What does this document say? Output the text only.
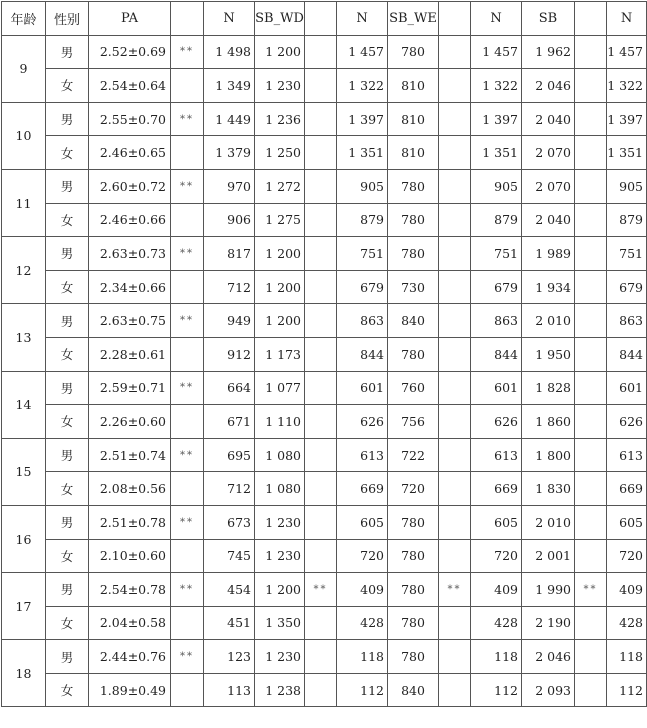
年龄	性别	PA		N	SB_WD		N	SB_WE		N	SB		N
9	男	2.52±0.69	**	1 498	1 200		1 457	780		1 457	1 962		1 457
	女	2.54±0.64		1 349	1 230		1 322	810		1 322	2 046		1 322
10	男	2.55±0.70	**	1 449	1 236		1 397	810		1 397	2 040		1 397
	女	2.46±0.65		1 379	1 250		1 351	810		1 351	2 070		1 351
11	男	2.60±0.72	**	970	1 272		905	780		905	2 070		905
	女	2.46±0.66		906	1 275		879	780		879	2 040		879
12	男	2.63±0.73	**	817	1 200		751	780		751	1 989		751
	女	2.34±0.66		712	1 200		679	730		679	1 934		679
13	男	2.63±0.75	**	949	1 200		863	840		863	2 010		863
	女	2.28±0.61		912	1 173		844	780		844	1 950		844
14	男	2.59±0.71	**	664	1 077		601	760		601	1 828		601
	女	2.26±0.60		671	1 110		626	756		626	1 860		626
15	男	2.51±0.74	**	695	1 080		613	722		613	1 800		613
	女	2.08±0.56		712	1 080		669	720		669	1 830		669
16	男	2.51±0.78	**	673	1 230		605	780		605	2 010		605
	女	2.10±0.60		745	1 230		720	780		720	2 001		720
17	男	2.54±0.78	**	454	1 200	**	409	780	**	409	1 990	**	409
	女	2.04±0.58		451	1 350		428	780		428	2 190		428
18	男	2.44±0.76	**	123	1 230		118	780		118	2 046		118
	女	1.89±0.49		113	1 238		112	840		112	2 093		112
